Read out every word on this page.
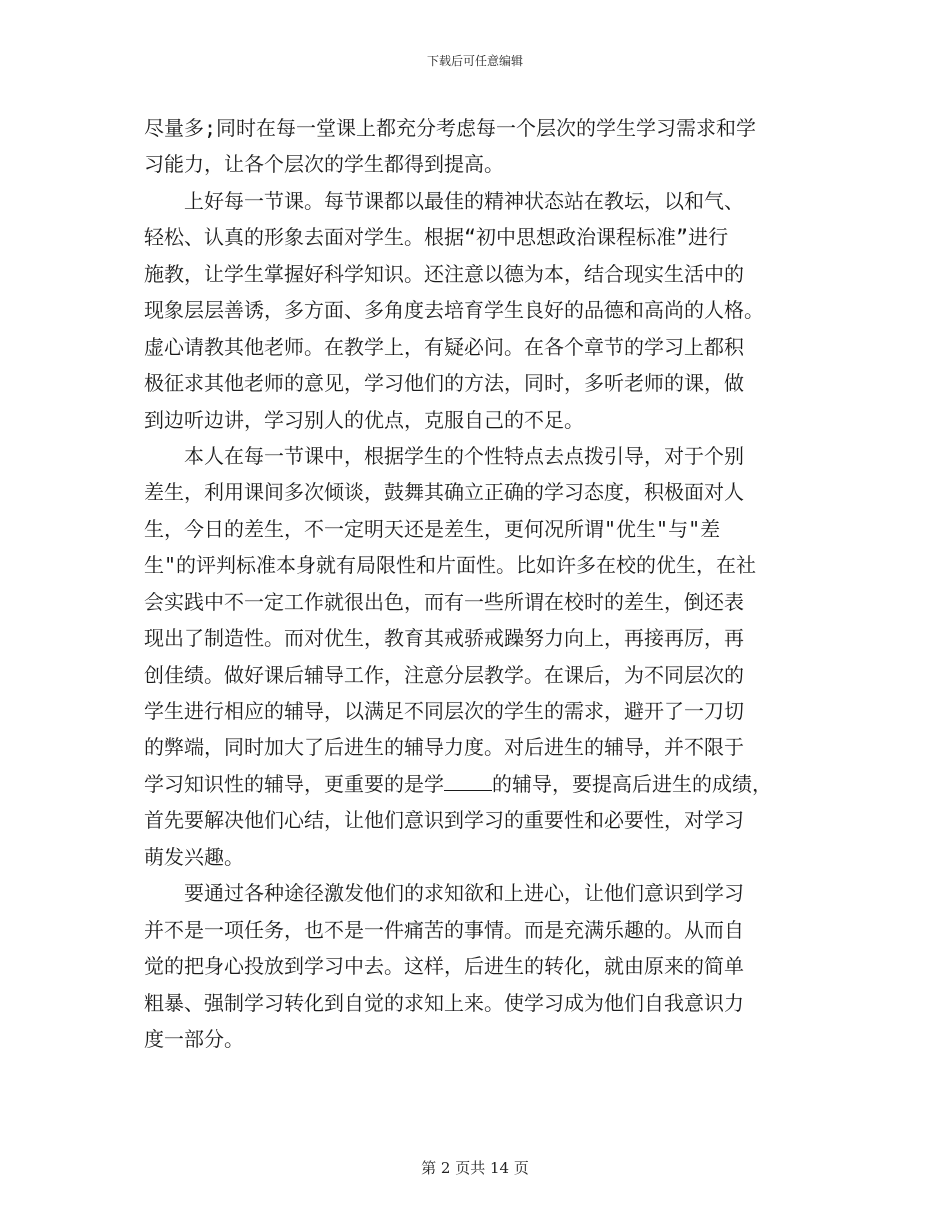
下载后可任意编辑
尽量多;同时在每一堂课上都充分考虑每一个层次的学生学习需求和学
习能力，让各个层次的学生都得到提高。
　　上好每一节课。每节课都以最佳的精神状态站在教坛，以和气、
轻松、认真的形象去面对学生。根据“初中思想政治课程标准”进行
施教，让学生掌握好科学知识。还注意以德为本，结合现实生活中的
现象层层善诱，多方面、多角度去培育学生良好的品德和高尚的人格。
虚心请教其他老师。在教学上，有疑必问。在各个章节的学习上都积
极征求其他老师的意见，学习他们的方法，同时，多听老师的课，做
到边听边讲，学习别人的优点，克服自己的不足。
　　本人在每一节课中，根据学生的个性特点去点拨引导，对于个别
差生，利用课间多次倾谈，鼓舞其确立正确的学习态度，积极面对人
生，今日的差生，不一定明天还是差生，更何况所谓"优生"与"差
生"的评判标准本身就有局限性和片面性。比如许多在校的优生，在社
会实践中不一定工作就很出色，而有一些所谓在校时的差生，倒还表
现出了制造性。而对优生，教育其戒骄戒躁努力向上，再接再厉，再
创佳绩。做好课后辅导工作，注意分层教学。在课后，为不同层次的
学生进行相应的辅导，以满足不同层次的学生的需求，避开了一刀切
的弊端，同时加大了后进生的辅导力度。对后进生的辅导，并不限于
学习知识性的辅导，更重要的是学 的辅导，要提高后进生的成绩，
首先要解决他们心结，让他们意识到学习的重要性和必要性，对学习
萌发兴趣。
　　要通过各种途径激发他们的求知欲和上进心，让他们意识到学习
并不是一项任务，也不是一件痛苦的事情。而是充满乐趣的。从而自
觉的把身心投放到学习中去。这样，后进生的转化，就由原来的简单
粗暴、强制学习转化到自觉的求知上来。使学习成为他们自我意识力
度一部分。
第 2 页共 14 页
